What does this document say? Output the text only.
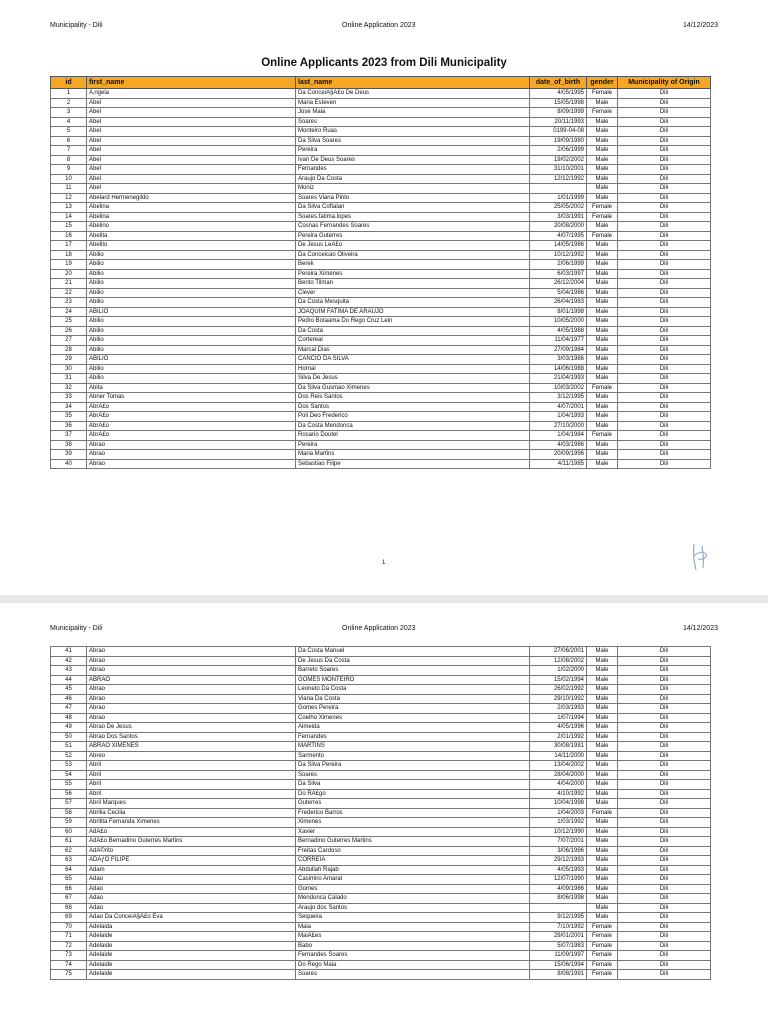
Municipality - Dili	Online Application 2023	14/12/2023
Online Applicants 2023 from Dili Municipality
id	first_name	last_name	date_of_birth	gender	Municipality of Origin
1	Ã‚ngela	Da ConceiÃ§Ã£o De Deus	4/05/1995	Female	Dili
2	Abel	Maria Esteven	15/05/1998	Male	Dili
3	Abel	Jose Maia	8/09/1999	Female	Dili
4	Abel	Soares	20/11/1993	Male	Dili
5	Abel	Monteiro Ruas	0199-04-08	Male	Dili
6	Abel	Da Silva Soares	19/09/1980	Male	Dili
7	Abel	Pereira	2/06/1999	Male	Dili
8	Abel	Ivan De Deus Soares	19/02/2002	Male	Dili
9	Abel	Fernandes	31/10/2001	Male	Dili
10	Abel	Araujo Da Costa	12/12/1992	Male	Dili
11	Abel	Moniz		Male	Dili
12	Abelard Hermenegildo	Soares Viana Pinto	1/01/1999	Male	Dili
13	Abelina	Da Silva Coftalan	25/05/2002	Female	Dili
14	Abelina	Soares.fatima.lopes	3/03/1991	Female	Dili
15	Abelino	Cosnas Fernandes Soares	20/08/2000	Male	Dili
16	Abelita	Pereira Guterres	4/07/1995	Female	Dili
17	Abelito	De Jesus LeÃ£o	14/05/1986	Male	Dili
18	Abilio	Da Conceicao Oliveira	10/12/1992	Male	Dili
19	Abilio	Berek	2/06/1999	Male	Dili
20	Abilio	Pereira Ximenes	6/03/1997	Male	Dili
21	Abilio	Bento Tilman	26/12/2004	Male	Dili
22	Abilio	Clever	5/04/1986	Male	Dili
23	Abilio	Da Costa Mesquita	26/04/1983	Male	Dili
24	ABILIO	JOAQUIM FATIMA DE ARAUJO	8/01/1998	Male	Dili
25	Abilio	Pedro Botaama Do Rego Cruz Lein	10/05/2000	Male	Dili
26	Abilio	Da Costa	4/05/1988	Male	Dili
27	Abilio	Cortereal	11/04/1977	Male	Dili
28	Abilio	Marcal Dias	27/09/1984	Male	Dili
29	ABILIO	CANCIO DA SILVA	3/03/1986	Male	Dili
30	Abilio	Hornai	14/06/1988	Male	Dili
31	Abilio	Silva De Jesus	21/04/1993	Male	Dili
32	Abita	Da Silva Gusmao Ximenes	10/03/2002	Female	Dili
33	Abner Tomas	Dos Reis Santos	3/12/1995	Male	Dili
34	AbrÃ£o	Dos Santos	4/07/2001	Male	Dili
35	AbrÃ£o	Poli Deo Frederico	1/04/1993	Male	Dili
36	AbrÃ£o	Da Costa Mendonca	27/10/2000	Male	Dili
37	AbrÃ£o	Rosario Doutel	1/04/1984	Female	Dili
38	Abrao	Pereira	4/03/1986	Male	Dili
39	Abrao	Maria Martins	20/09/1996	Male	Dili
40	Abrao	Sebastiao Filipe	4/11/1985	Male	Dili
1
Municipality - Dili	Online Application 2023	14/12/2023
41	Abrao	Da Costa Manuel	27/06/2001	Male	Dili
42	Abrao	De Jesus Da Costa	12/08/2002	Male	Dili
43	Abrao	Barreto Soares	1/02/2000	Male	Dili
44	ABRAO	GOMES MONTEIRO	15/02/1994	Male	Dili
45	Abrao	Leoneto Da Costa	26/02/1992	Male	Dili
46	Abrao	Viana Da Costa	29/10/1992	Male	Dili
47	Abrao	Gomes Pereira	2/03/1993	Male	Dili
48	Abrao	Coelho Ximenes	1/07/1994	Male	Dili
49	Abrao De Jesus	Almeida	4/05/1996	Male	Dili
50	Abrao Dos Santos	Fernandes	2/01/1992	Male	Dili
51	ABRAO XIMENES	MARTINS	30/08/1981	Male	Dili
52	Abreo	Sarmento	14/11/2000	Male	Dili
53	Abril	Da Silva Pereira	13/04/2002	Male	Dili
54	Abril	Soares	28/04/2000	Male	Dili
55	Abril	Da Silva	4/04/2000	Male	Dili
56	Abril	Do RÃ£go	4/10/1992	Male	Dili
57	Abril Marques	Guterres	10/04/1998	Male	Dili
58	Abrilia Cecilia	Frederico Barros	1/04/2003	Female	Dili
59	Abrilita Fernanda Ximenes	Ximenes	1/03/1992	Male	Dili
60	AdÃ£o	Xavier	10/12/1990	Male	Dili
61	AdÃ£o Bernadino Guterres Martins	Bernadino Guterres Martins	7/07/2001	Male	Dili
62	AdÃ©rito	Freitas Cardoso	3/06/1996	Male	Dili
63	ADÃƒO FILIPE	CORREIA	29/12/1993	Male	Dili
64	Adam	Abdullah Rajab	4/05/1993	Male	Dili
65	Adao	Casimiro Amaral	12/07/1990	Male	Dili
66	Adao	Gomes	4/09/1986	Male	Dili
67	Adao	Mendonca Calado	8/06/1998	Male	Dili
68	Adao	Araujo dos Santos		Male	Dili
69	Adao Da ConceiÃ§Ã£o Eva	Sequeira	9/12/1995	Male	Dili
70	Adelaida	Maia	7/10/1992	Female	Dili
71	Adelaide	MaiÃ£es	29/01/2001	Female	Dili
72	Adelaide	Babo	5/07/1983	Female	Dili
73	Adelaide	Fernandes Soares	11/09/1997	Female	Dili
74	Adelaide	Do Rego Maia	15/06/1994	Female	Dili
75	Adelaide	Soares	8/08/1991	Female	Dili
